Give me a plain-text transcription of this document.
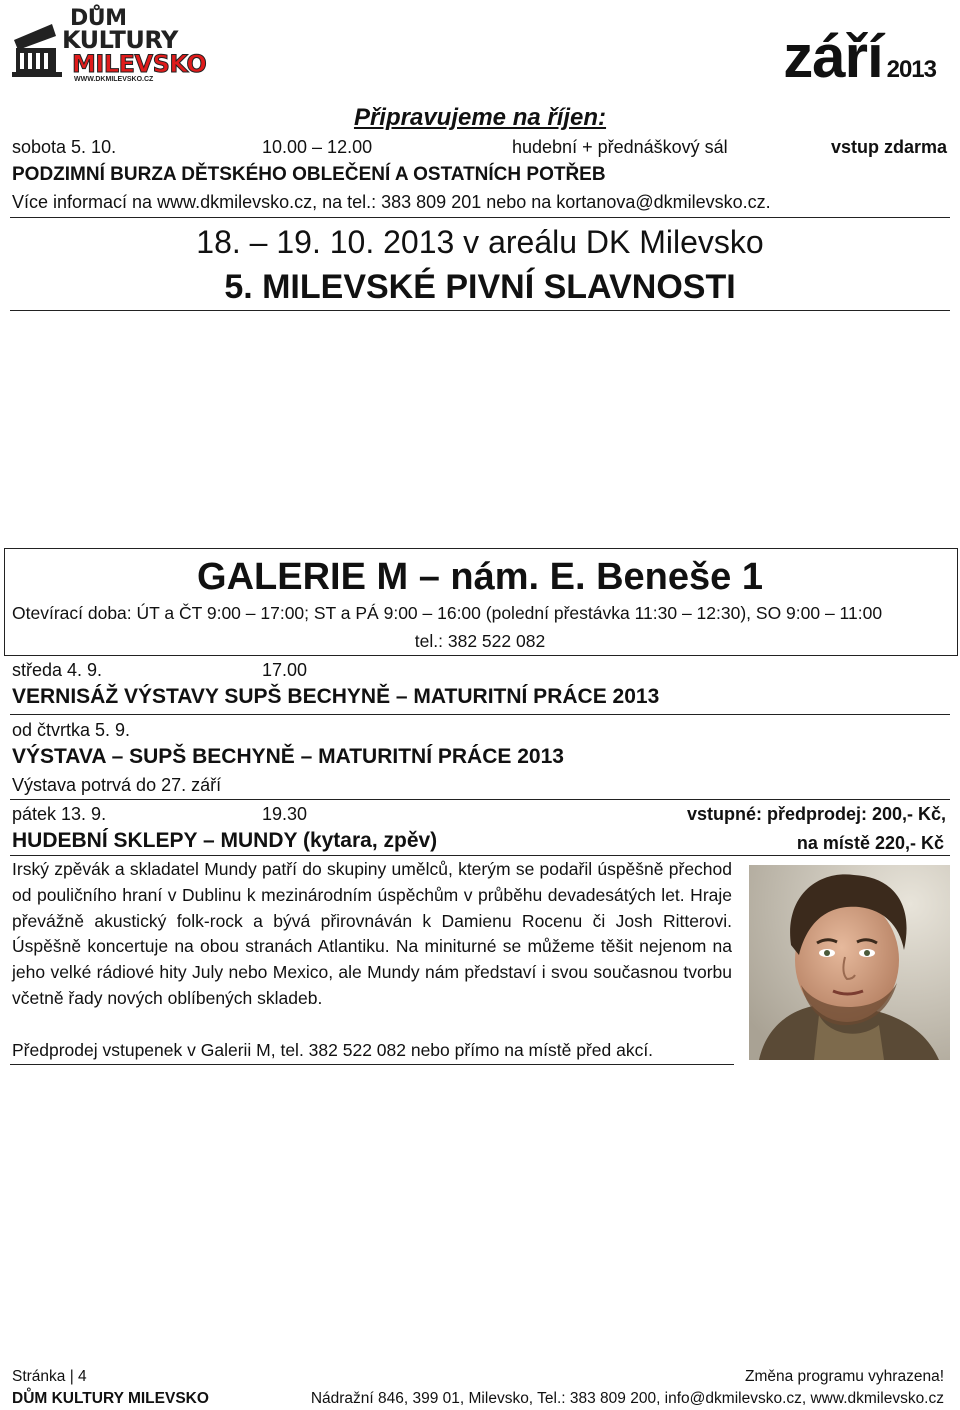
DŮM
KULTURY
MILEVSKO
WWW.DKMILEVSKO.CZ	září 2013
Připravujeme na říjen:
sobota 5. 10.	10.00 – 12.00	hudební + přednáškový sál	vstup zdarma
PODZIMNÍ BURZA DĚTSKÉHO OBLEČENÍ A OSTATNÍCH POTŘEB
Více informací na www.dkmilevsko.cz, na tel.: 383 809 201 nebo na kortanova@dkmilevsko.cz.
18. – 19. 10. 2013 v areálu DK Milevsko
5. MILEVSKÉ PIVNÍ SLAVNOSTI
GALERIE M – nám. E. Beneše 1
Otevírací doba: ÚT a ČT 9:00 – 17:00; ST a PÁ 9:00 – 16:00 (polední přestávka 11:30 – 12:30), SO 9:00 – 11:00
tel.: 382 522 082
středa 4. 9.	17.00
VERNISÁŽ VÝSTAVY SUPŠ BECHYNĚ – MATURITNÍ PRÁCE 2013
od čtvrtka 5. 9.
VÝSTAVA – SUPŠ BECHYNĚ – MATURITNÍ PRÁCE 2013
Výstava potrvá do 27. září
pátek 13. 9.	19.30	vstupné: předprodej: 200,- Kč,
HUDEBNÍ SKLEPY – MUNDY (kytara, zpěv)	na místě 220,- Kč
Irský zpěvák a skladatel Mundy patří do skupiny umělců, kterým se podařil úspěšně přechod od pouličního hraní v Dublinu k mezinárodním úspěchům v průběhu devadesátých let. Hraje převážně akustický folk-rock a bývá přirovnáván k Damienu Rocenu či Josh Ritterovi. Úspěšně koncertuje na obou stranách Atlantiku. Na miniturné se můžeme těšit nejenom na jeho velké rádiové hity July nebo Mexico, ale Mundy nám představí i svou současnou tvorbu včetně řady nových oblíbených skladeb.
Předprodej vstupenek v Galerii M, tel. 382 522 082 nebo přímo na místě před akcí.
Stránka | 4
DŮM KULTURY MILEVSKO
Změna programu vyhrazena!
Nádražní 846, 399 01, Milevsko, Tel.: 383 809 200, info@dkmilevsko.cz, www.dkmilevsko.cz
